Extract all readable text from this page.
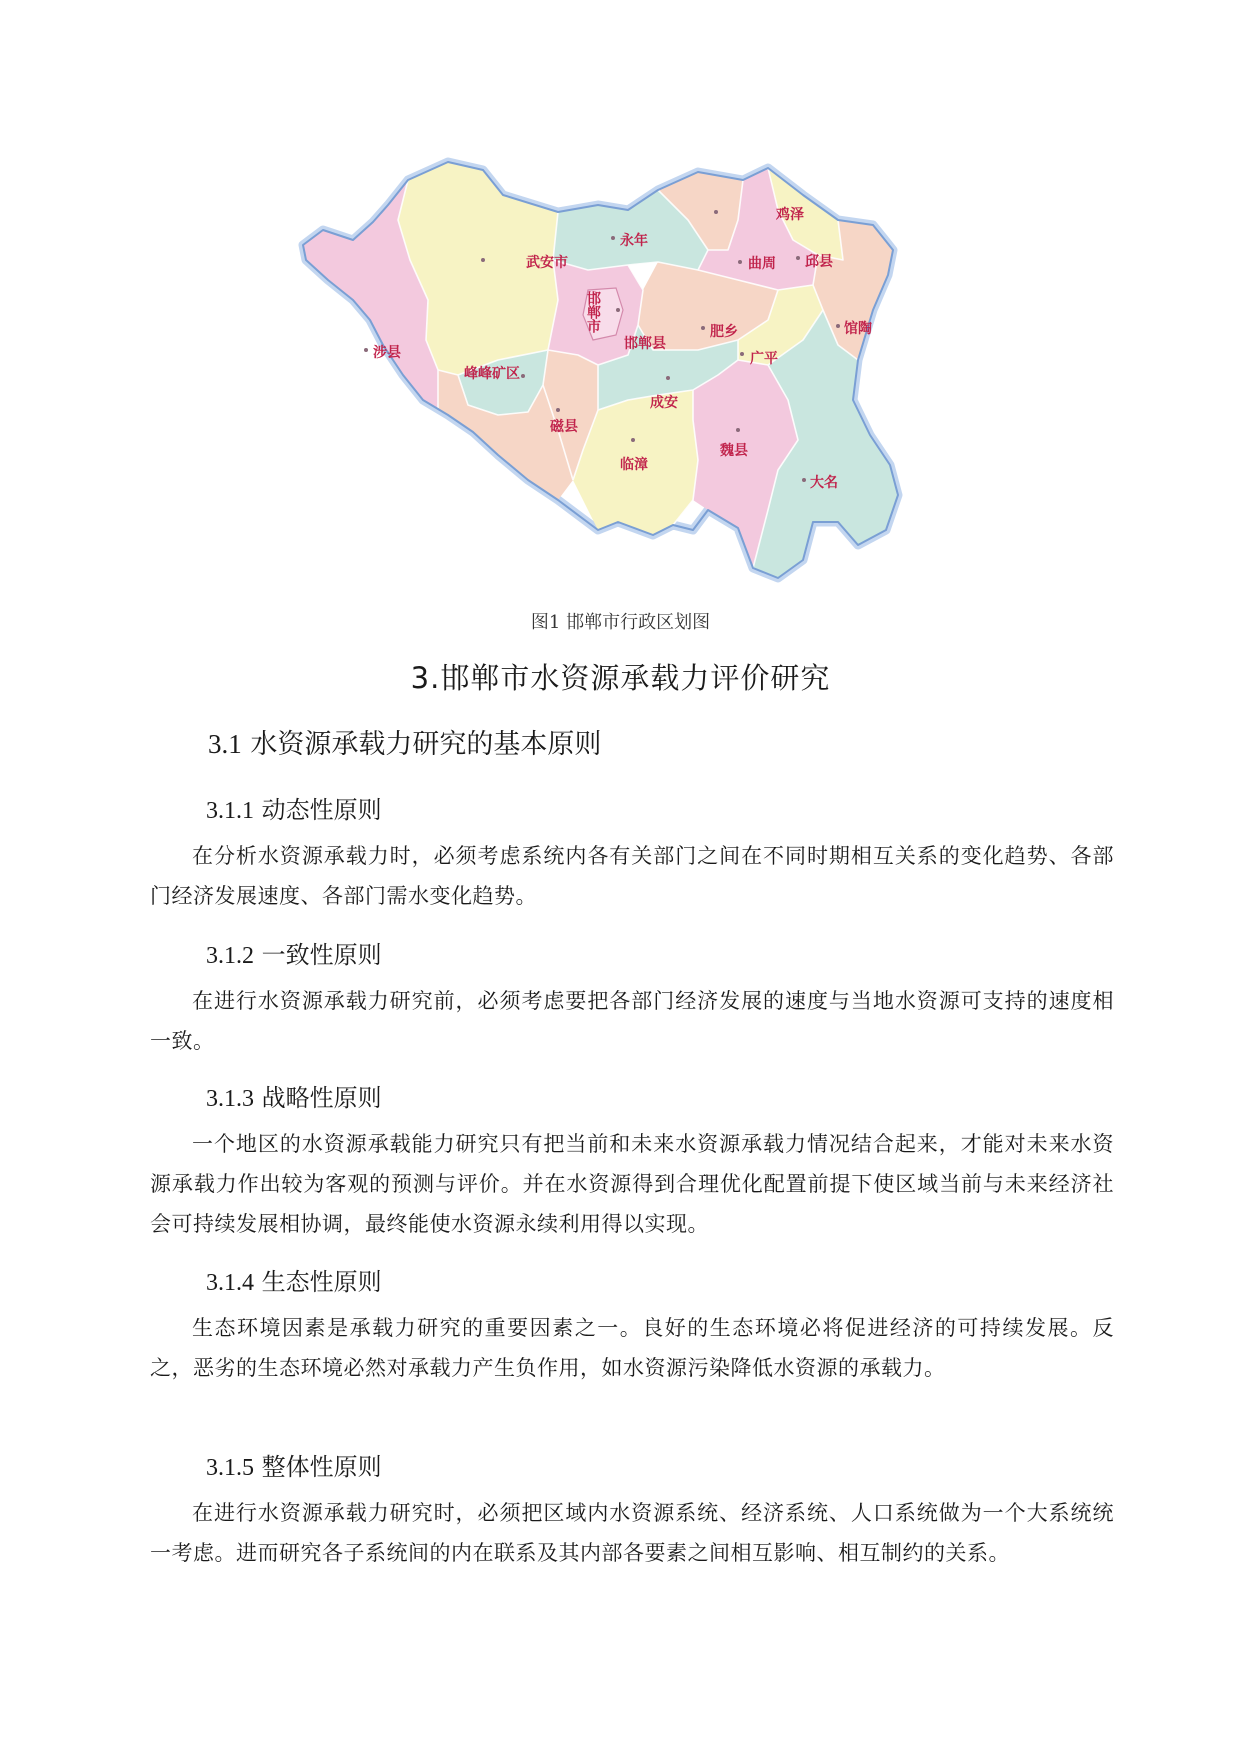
涉县
武安市
永年
鸡泽
曲周 邱县
邯郸市
邯郸县
肥乡	馆陶
峰峰矿区
磁县
成安
广平
临漳
魏县
大名
图1 邯郸市行政区划图
3.邯郸市水资源承载力评价研究
3.1 水资源承载力研究的基本原则
3.1.1 动态性原则
在分析水资源承载力时，必须考虑系统内各有关部门之间在不同时期相互关系的变化趋势、各部门经济发展速度、各部门需水变化趋势。
3.1.2 一致性原则
在进行水资源承载力研究前，必须考虑要把各部门经济发展的速度与当地水资源可支持的速度相一致。
3.1.3 战略性原则
一个地区的水资源承载能力研究只有把当前和未来水资源承载力情况结合起来，才能对未来水资源承载力作出较为客观的预测与评价。并在水资源得到合理优化配置前提下使区域当前与未来经济社会可持续发展相协调，最终能使水资源永续利用得以实现。
3.1.4 生态性原则
生态环境因素是承载力研究的重要因素之一。良好的生态环境必将促进经济的可持续发展。反之，恶劣的生态环境必然对承载力产生负作用，如水资源污染降低水资源的承载力。
3.1.5 整体性原则
在进行水资源承载力研究时，必须把区域内水资源系统、经济系统、人口系统做为一个大系统统一考虑。进而研究各子系统间的内在联系及其内部各要素之间相互影响、相互制约的关系。
